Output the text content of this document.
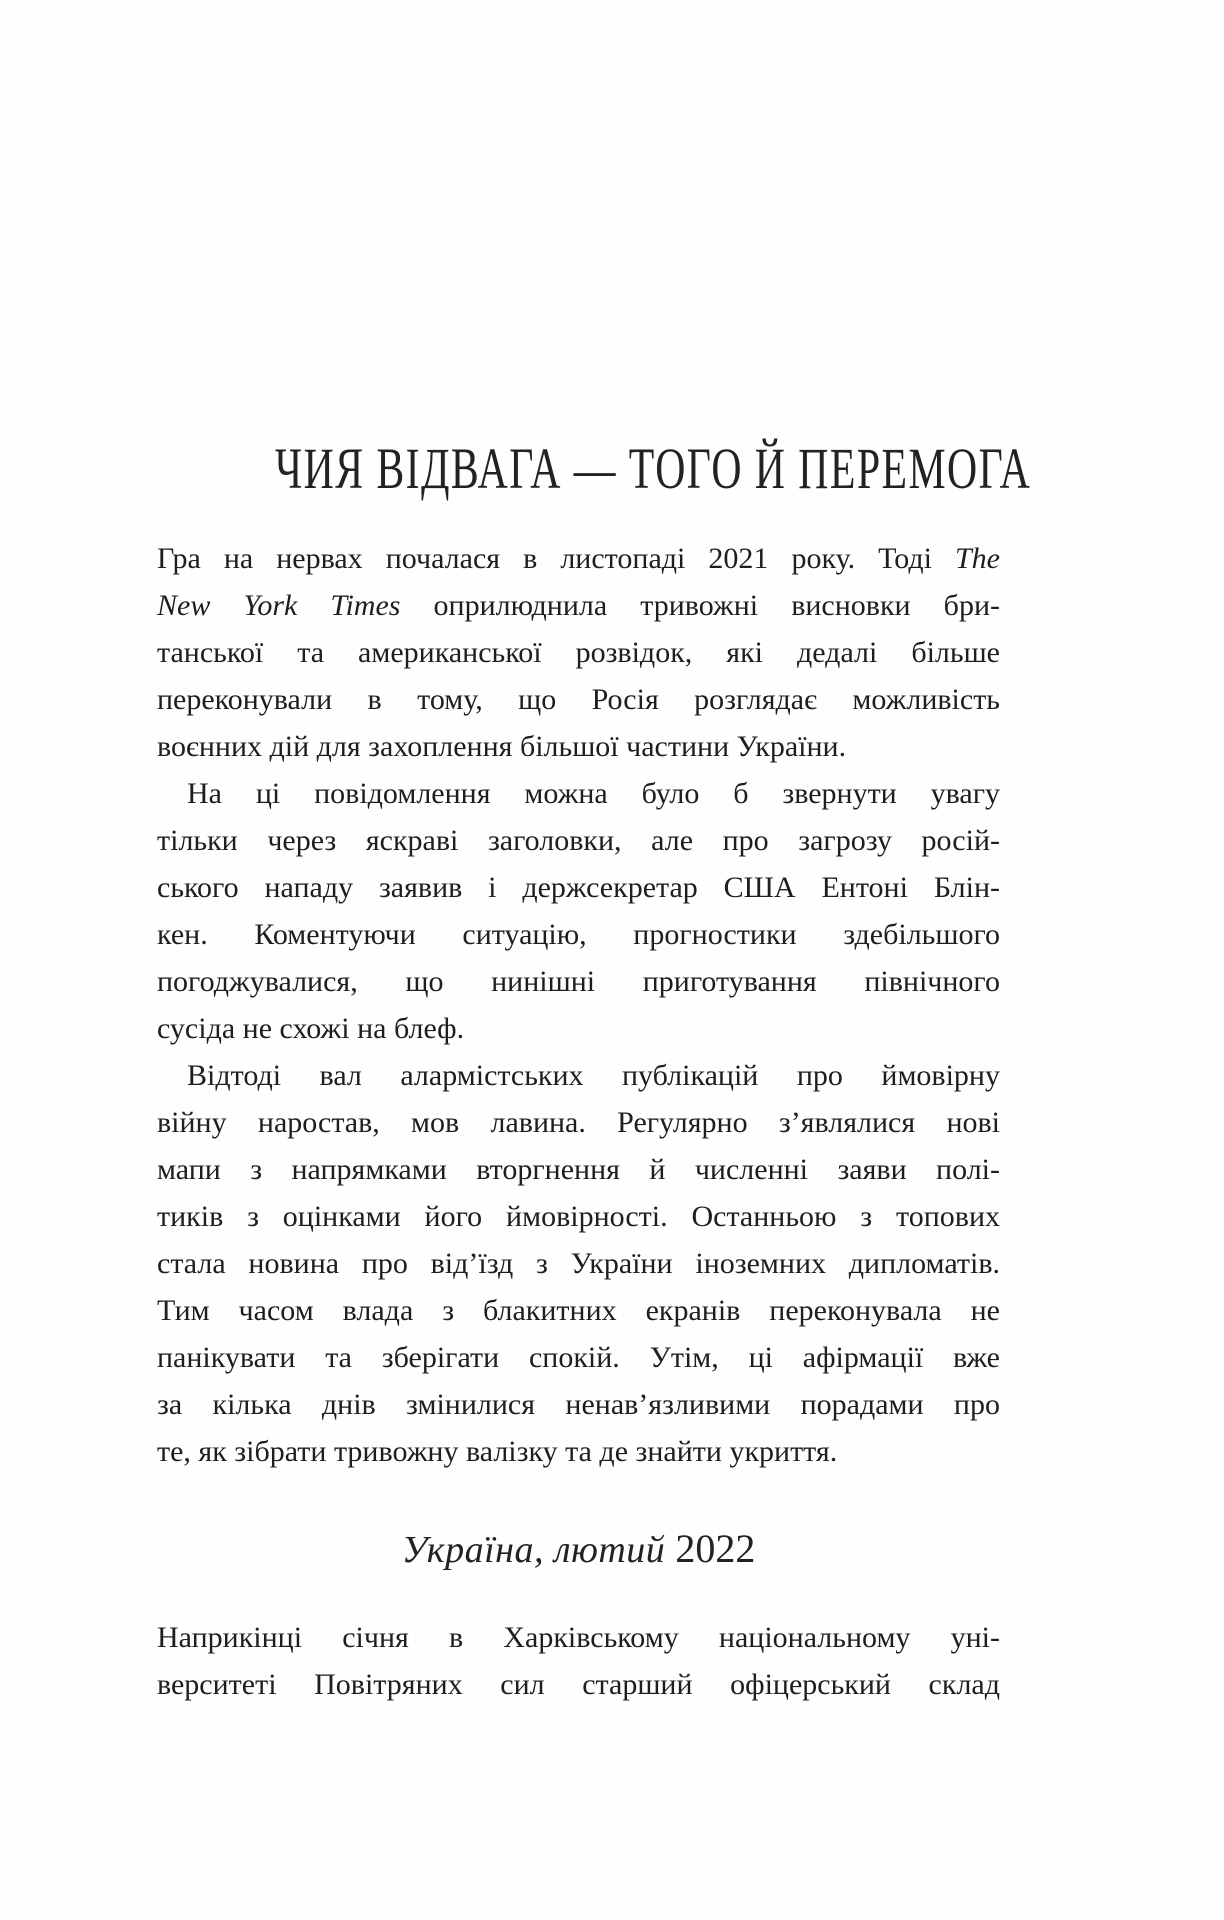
ЧИЯ ВІДВАГА — ТОГО Й ПЕРЕМОГА
Гра на нервах почалася в листопаді 2021 року. Тоді The
New York Times оприлюднила тривожні висновки бри-
танської та американської розвідок, які дедалі більше
переконували в тому, що Росія розглядає можливість
воєнних дій для захоплення більшої частини України.
На ці повідомлення можна було б звернути увагу
тільки через яскраві заголовки, але про загрозу росій-
ського нападу заявив і держсекретар США Ентоні Блін-
кен. Коментуючи ситуацію, прогностики здебільшого
погоджувалися, що нинішні приготування північного
сусіда не схожі на блеф.
Відтоді вал алармістських публікацій про ймовірну
війну наростав, мов лавина. Регулярно з’являлися нові
мапи з напрямками вторгнення й численні заяви полі-
тиків з оцінками його ймовірності. Останньою з топових
стала новина про від’їзд з України іноземних дипломатів.
Тим часом влада з блакитних екранів переконувала не
панікувати та зберігати спокій. Утім, ці афірмації вже
за кілька днів змінилися ненав’язливими порадами про
те, як зібрати тривожну валізку та де знайти укриття.
Україна, лютий 2022
Наприкінці січня в Харківському національному уні-
верситеті Повітряних сил старший офіцерський склад
